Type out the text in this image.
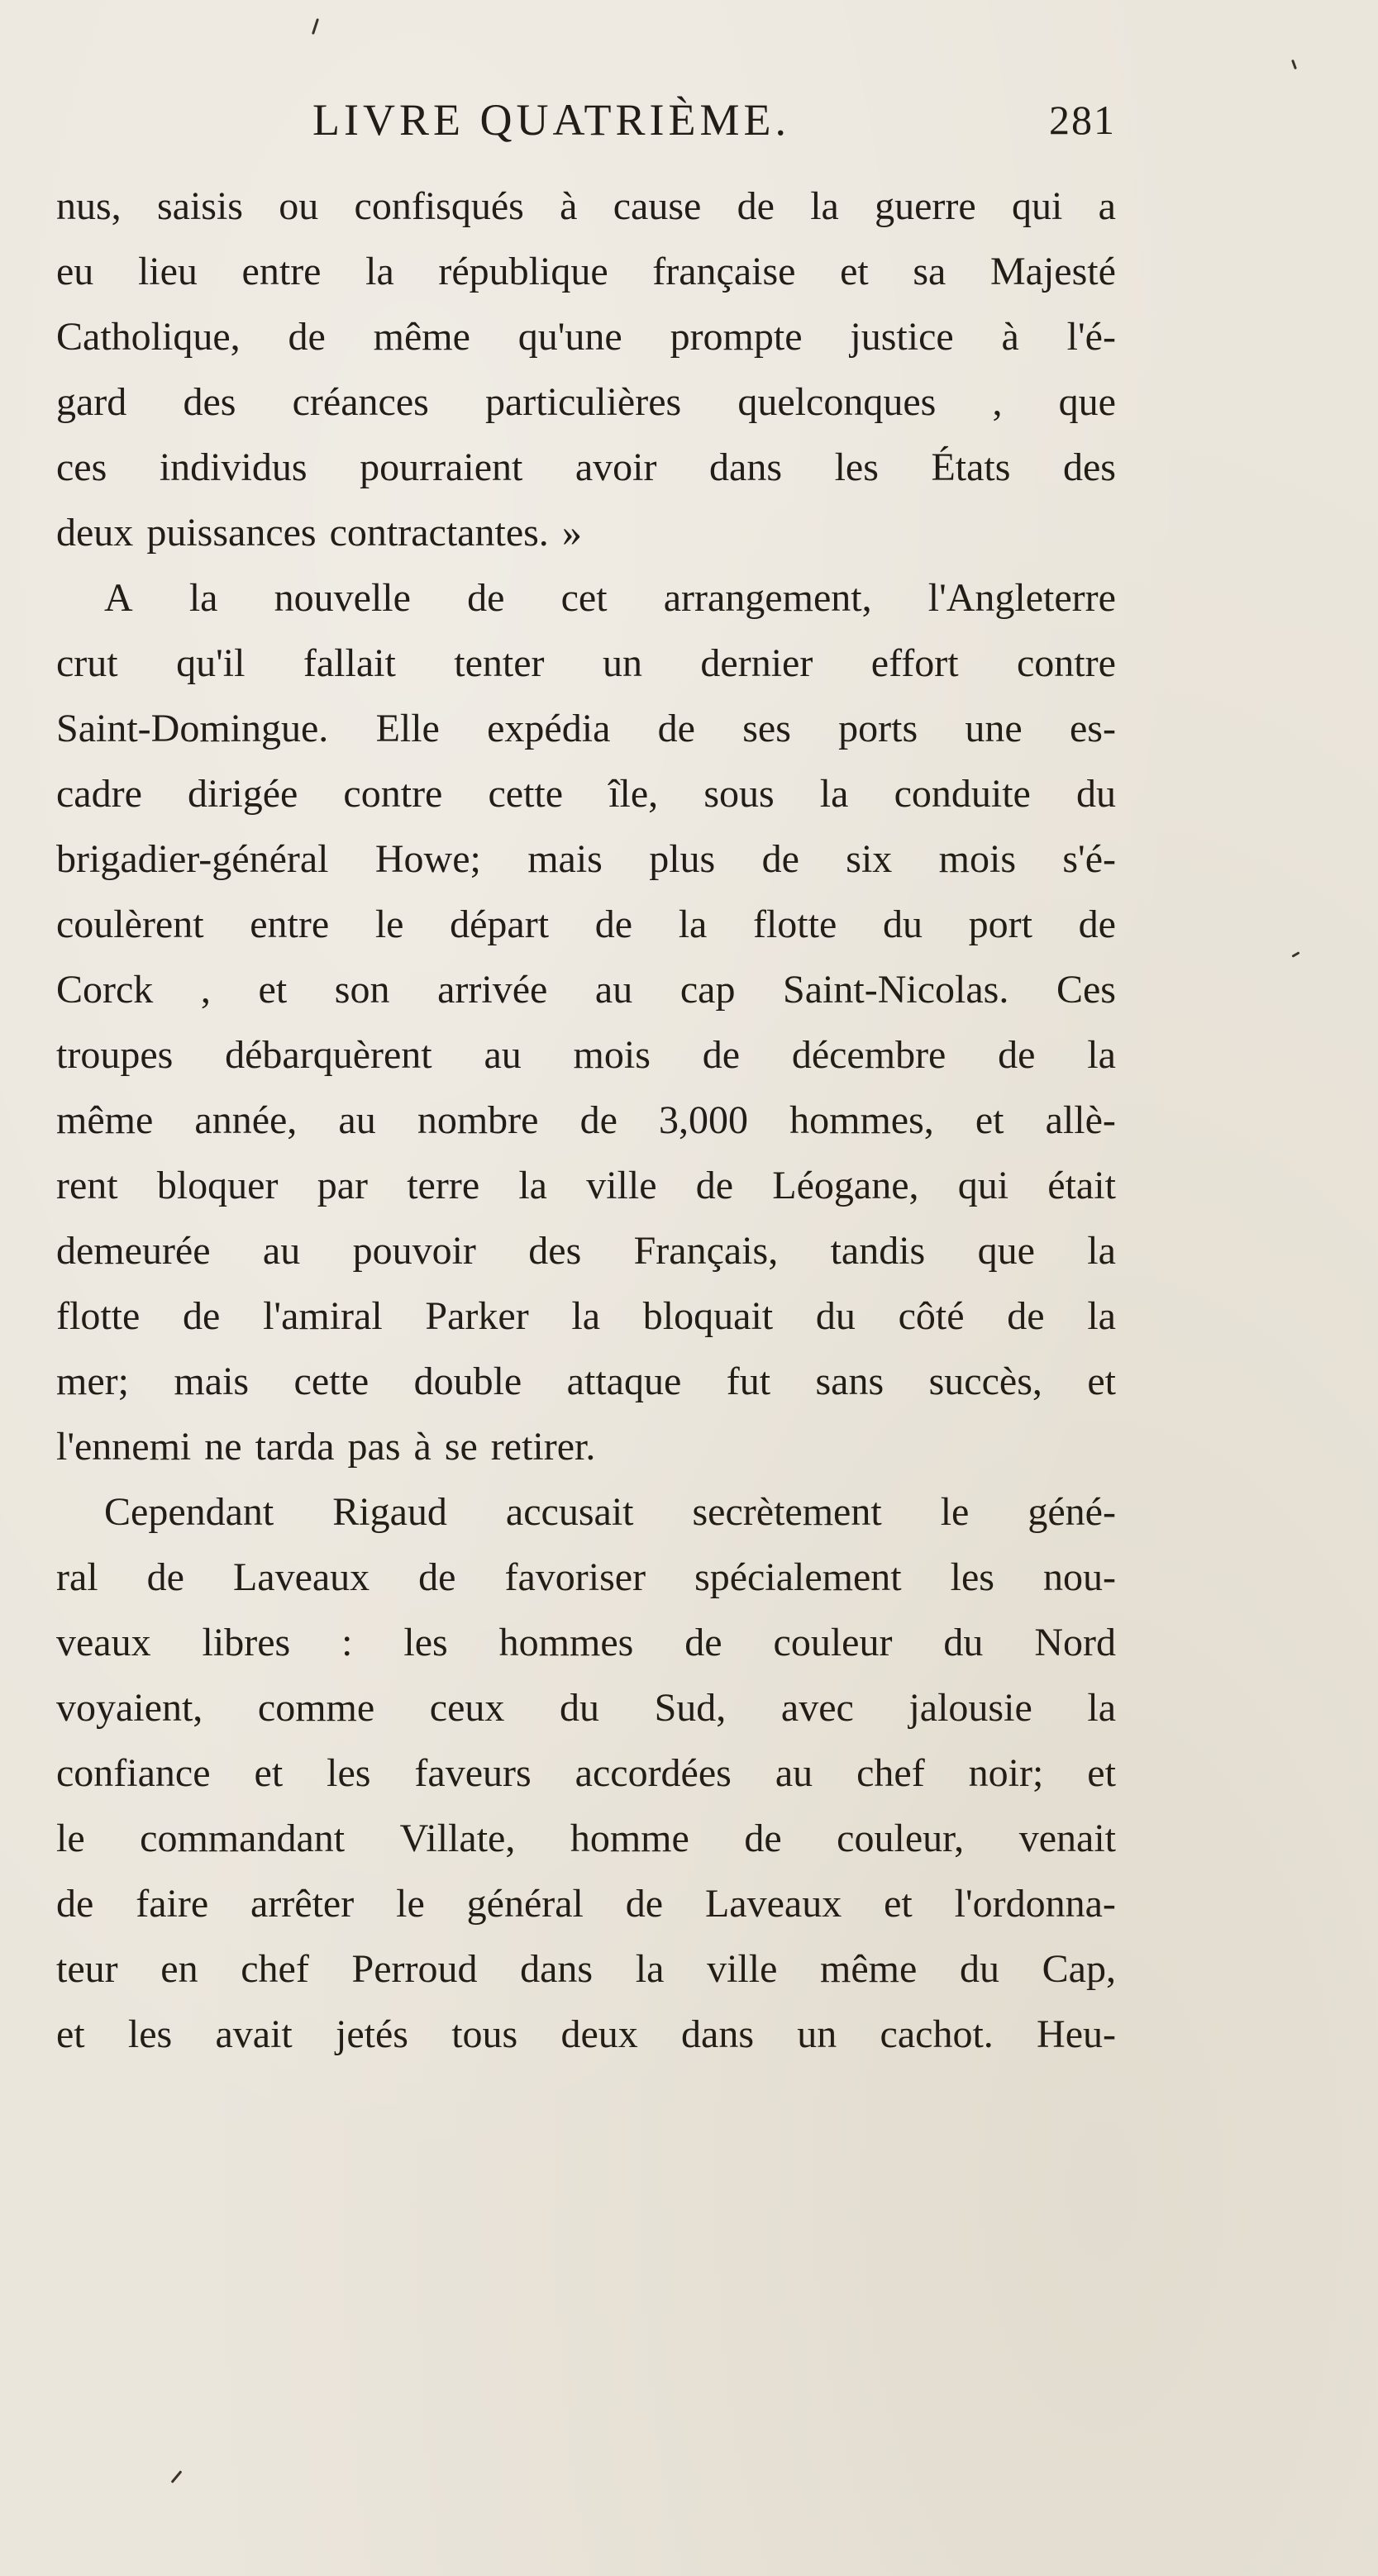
LIVRE QUATRIÈME.	281
nus, saisis ou confisqués à cause de la guerre qui a
eu lieu entre la république française et sa Majesté
Catholique, de même qu'une prompte justice à l'é-
gard des créances particulières quelconques , que
ces individus pourraient avoir dans les États des
deux puissances contractantes. »
A la nouvelle de cet arrangement, l'Angleterre
crut qu'il fallait tenter un dernier effort contre
Saint-Domingue. Elle expédia de ses ports une es-
cadre dirigée contre cette île, sous la conduite du
brigadier-général Howe; mais plus de six mois s'é-
coulèrent entre le départ de la flotte du port de
Corck , et son arrivée au cap Saint-Nicolas. Ces
troupes débarquèrent au mois de décembre de la
même année, au nombre de 3,000 hommes, et allè-
rent bloquer par terre la ville de Léogane, qui était
demeurée au pouvoir des Français, tandis que la
flotte de l'amiral Parker la bloquait du côté de la
mer; mais cette double attaque fut sans succès, et
l'ennemi ne tarda pas à se retirer.
Cependant Rigaud accusait secrètement le géné-
ral de Laveaux de favoriser spécialement les nou-
veaux libres : les hommes de couleur du Nord
voyaient, comme ceux du Sud, avec jalousie la
confiance et les faveurs accordées au chef noir; et
le commandant Villate, homme de couleur, venait
de faire arrêter le général de Laveaux et l'ordonna-
teur en chef Perroud dans la ville même du Cap,
et les avait jetés tous deux dans un cachot. Heu-
